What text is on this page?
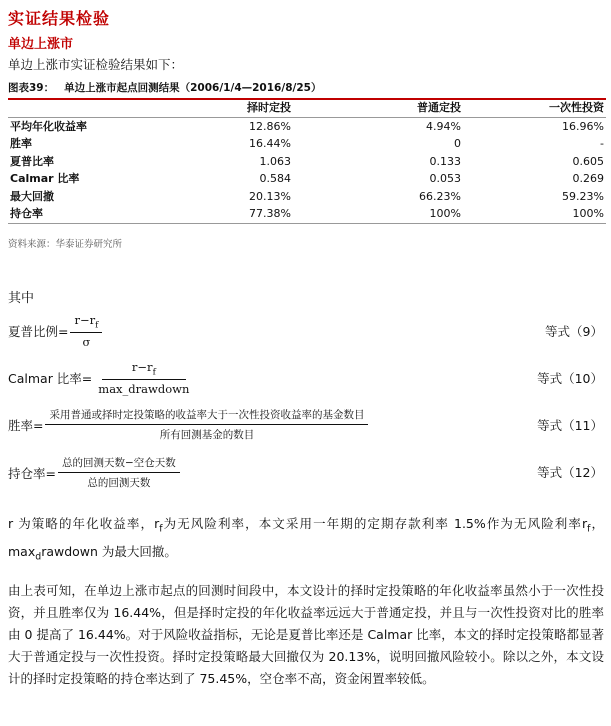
实证结果检验
单边上涨市
单边上涨市实证检验结果如下：
图表39： 单边上涨市起点回测结果（2006/1/4—2016/8/25）
	择时定投	普通定投	一次性投资
平均年化收益率	12.86%	4.94%	16.96%
胜率	16.44%	0	-
夏普比率	1.063	0.133	0.605
Calmar 比率	0.584	0.053	0.269
最大回撤	20.13%	66.23%	59.23%
持仓率	77.38%	100%	100%
资料来源：华泰证券研究所
其中
夏普比例= $\frac{r-r_f}{\sigma}$	等式（9）
Calmar 比率= $\frac{r-r_f}{\text{max\_drawdown}}$	等式（10）
胜率= $\frac{\text{采用普通或择时定投策略的收益率大于一次性投资收益率的基金数目}}{\text{所有回测基金的数目}}$	等式（11）
持仓率= $\frac{\text{总的回测天数−空仓天数}}{\text{总的回测天数}}$	等式（12）
r 为策略的年化收益率，$r_f$为无风险利率，本文采用一年期的定期存款利率 1.5%作为无风险利率$r_f$，$\max_drawdown$ 为最大回撤。
由上表可知，在单边上涨市起点的回测时间段中，本文设计的择时定投策略的年化收益率虽然小于一次性投资，并且胜率仅为 16.44%，但是择时定投的年化收益率远远大于普通定投，并且与一次性投资对比的胜率由 0 提高了 16.44%。对于风险收益指标，无论是夏普比率还是 Calmar 比率，本文的择时定投策略都显著大于普通定投与一次性投资。择时定投策略最大回撤仅为 20.13%，说明回撤风险较小。除以之外，本文设计的择时定投策略的持仓率达到了 75.45%，空仓率不高，资金闲置率较低。
